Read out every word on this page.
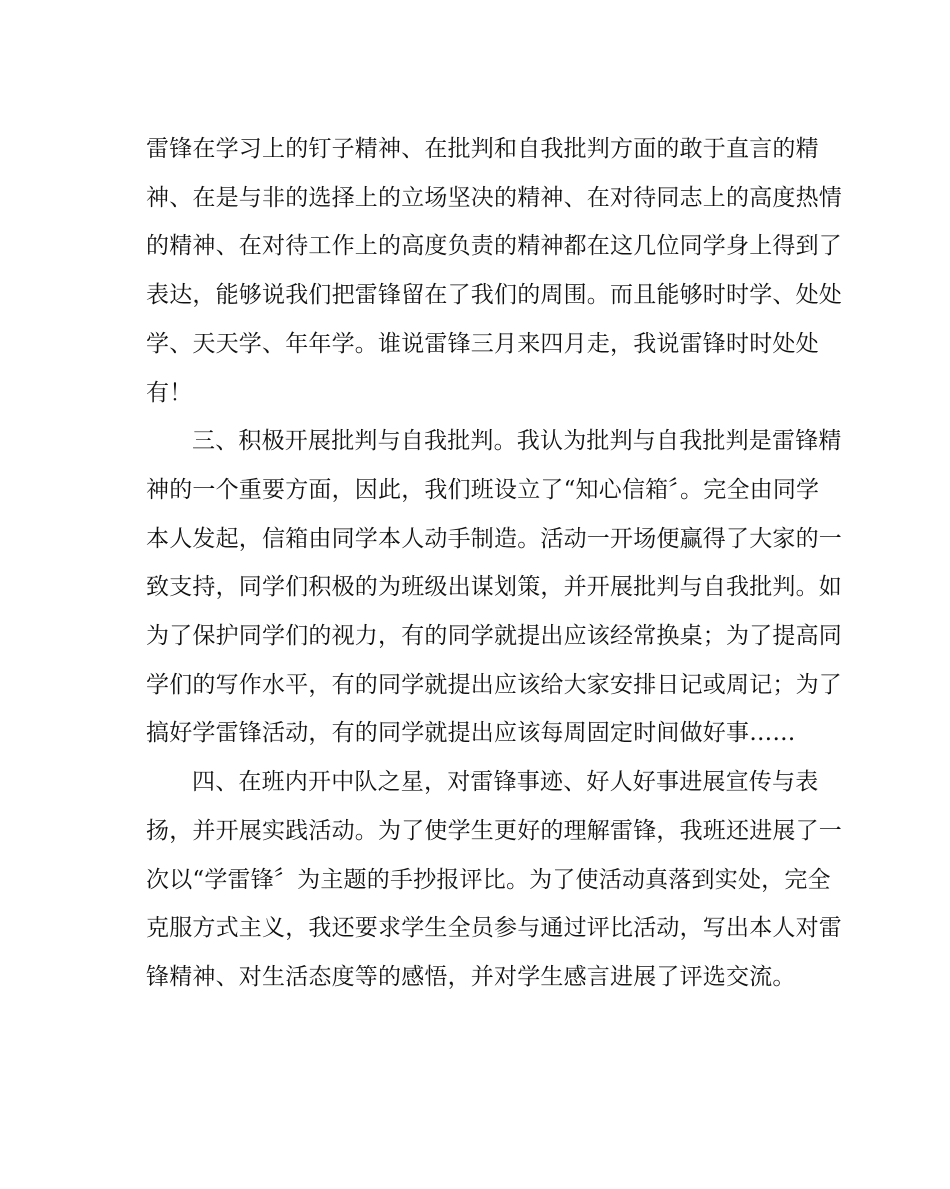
雷锋在学习上的钉子精神、在批判和自我批判方面的敢于直言的精
神、在是与非的选择上的立场坚决的精神、在对待同志上的高度热情
的精神、在对待工作上的高度负责的精神都在这几位同学身上得到了
表达，能够说我们把雷锋留在了我们的周围。而且能够时时学、处处
学、天天学、年年学。谁说雷锋三月来四月走，我说雷锋时时处处
有！

三、积极开展批判与自我批判。我认为批判与自我批判是雷锋精
神的一个重要方面，因此，我们班设立了“知心信箱〞。完全由同学
本人发起，信箱由同学本人动手制造。活动一开场便赢得了大家的一
致支持，同学们积极的为班级出谋划策，并开展批判与自我批判。如
为了保护同学们的视力，有的同学就提出应该经常换桌；为了提高同
学们的写作水平，有的同学就提出应该给大家安排日记或周记；为了
搞好学雷锋活动，有的同学就提出应该每周固定时间做好事……

四、在班内开中队之星，对雷锋事迹、好人好事进展宣传与表
扬，并开展实践活动。为了使学生更好的理解雷锋，我班还进展了一
次以“学雷锋〞为主题的手抄报评比。为了使活动真落到实处，完全
克服方式主义，我还要求学生全员参与通过评比活动，写出本人对雷
锋精神、对生活态度等的感悟，并对学生感言进展了评选交流。
